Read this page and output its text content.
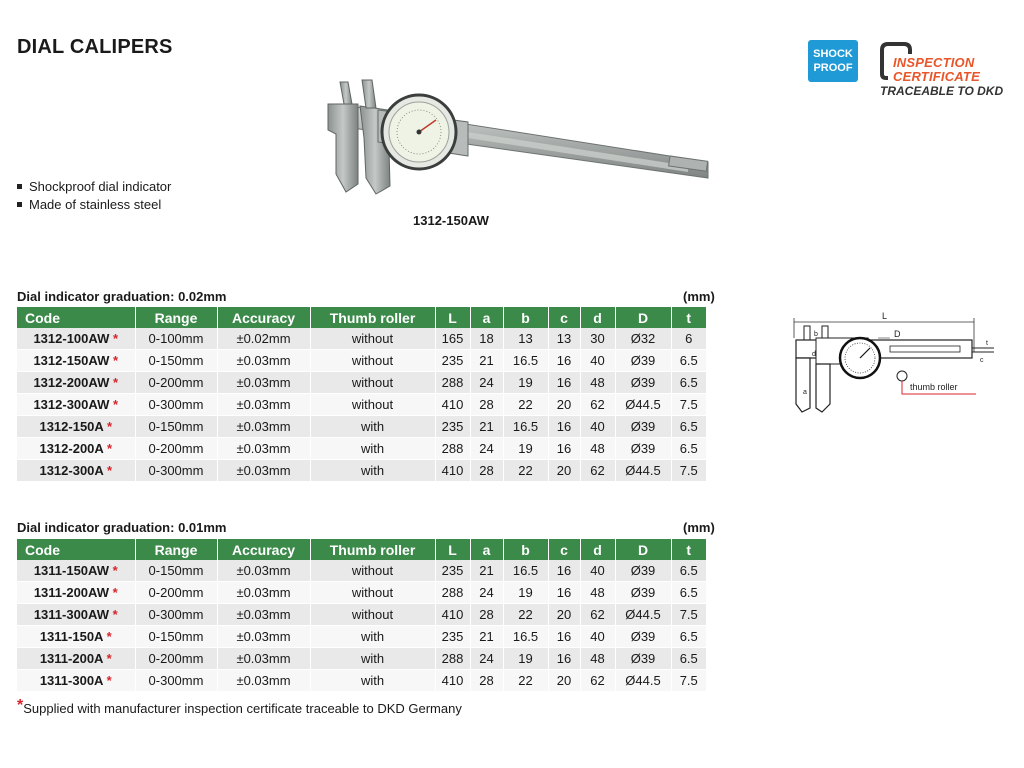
DIAL CALIPERS
Shockproof dial indicator
Made of stainless steel
1312-150AW
SHOCK
PROOF	INSPECTION
CERTIFICATE
TRACEABLE TO DKD
L
b
t
c
a
D
d
thumb roller
Dial indicator graduation: 0.02mm	(mm)
Code	Range	Accuracy	Thumb roller	L	a	b	c	d	D	t
1312-100AW *	0-100mm	±0.02mm	without	165	18	13	13	30	Ø32	6
1312-150AW *	0-150mm	±0.03mm	without	235	21	16.5	16	40	Ø39	6.5
1312-200AW *	0-200mm	±0.03mm	without	288	24	19	16	48	Ø39	6.5
1312-300AW *	0-300mm	±0.03mm	without	410	28	22	20	62	Ø44.5	7.5
1312-150A *	0-150mm	±0.03mm	with	235	21	16.5	16	40	Ø39	6.5
1312-200A *	0-200mm	±0.03mm	with	288	24	19	16	48	Ø39	6.5
1312-300A *	0-300mm	±0.03mm	with	410	28	22	20	62	Ø44.5	7.5
Dial indicator graduation: 0.01mm	(mm)
Code	Range	Accuracy	Thumb roller	L	a	b	c	d	D	t
1311-150AW *	0-150mm	±0.03mm	without	235	21	16.5	16	40	Ø39	6.5
1311-200AW *	0-200mm	±0.03mm	without	288	24	19	16	48	Ø39	6.5
1311-300AW *	0-300mm	±0.03mm	without	410	28	22	20	62	Ø44.5	7.5
1311-150A *	0-150mm	±0.03mm	with	235	21	16.5	16	40	Ø39	6.5
1311-200A *	0-200mm	±0.03mm	with	288	24	19	16	48	Ø39	6.5
1311-300A *	0-300mm	±0.03mm	with	410	28	22	20	62	Ø44.5	7.5
*Supplied with manufacturer inspection certificate traceable to DKD Germany
